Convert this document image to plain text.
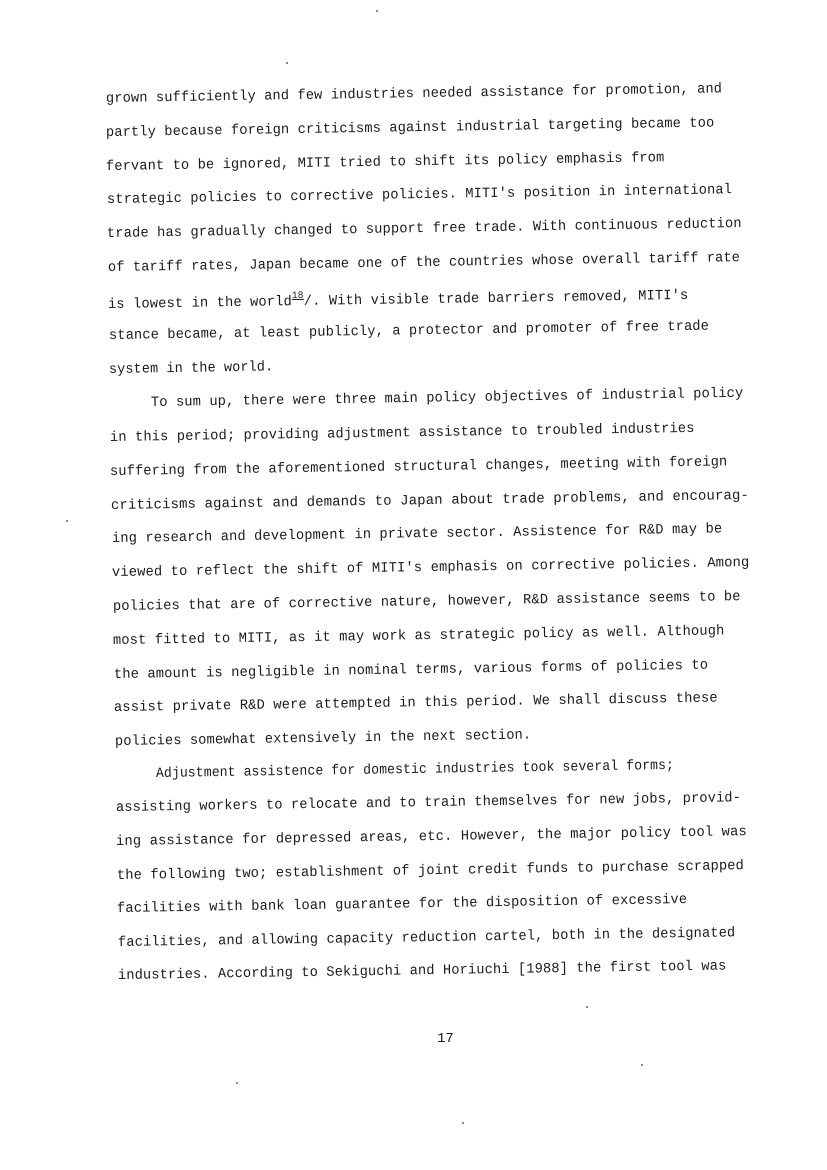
grown sufficiently and few industries needed assistance for promotion, and
partly because foreign criticisms against industrial targeting became too
fervant to be ignored, MITI tried to shift its policy emphasis from
strategic policies to corrective policies. MITI's position in international
trade has gradually changed to support free trade. With continuous reduction
of tariff rates, Japan became one of the countries whose overall tariff rate
is lowest in the world$^{18}$/. With visible trade barriers removed, MITI's
stance became, at least publicly, a protector and promoter of free trade
system in the world.
To sum up, there were three main policy objectives of industrial policy
in this period; providing adjustment assistance to troubled industries
suffering from the aforementioned structural changes, meeting with foreign
criticisms against and demands to Japan about trade problems, and encourag-
ing research and development in private sector. Assistence for R&D may be
viewed to reflect the shift of MITI's emphasis on corrective policies. Among
policies that are of corrective nature, however, R&D assistance seems to be
most fitted to MITI, as it may work as strategic policy as well. Although
the amount is negligible in nominal terms, various forms of policies to
assist private R&D were attempted in this period. We shall discuss these
policies somewhat extensively in the next section.
Adjustment assistence for domestic industries took several forms;
assisting workers to relocate and to train themselves for new jobs, provid-
ing assistance for depressed areas, etc. However, the major policy tool was
the following two; establishment of joint credit funds to purchase scrapped
facilities with bank loan guarantee for the disposition of excessive
facilities, and allowing capacity reduction cartel, both in the designated
industries. According to Sekiguchi and Horiuchi [1988] the first tool was
17
